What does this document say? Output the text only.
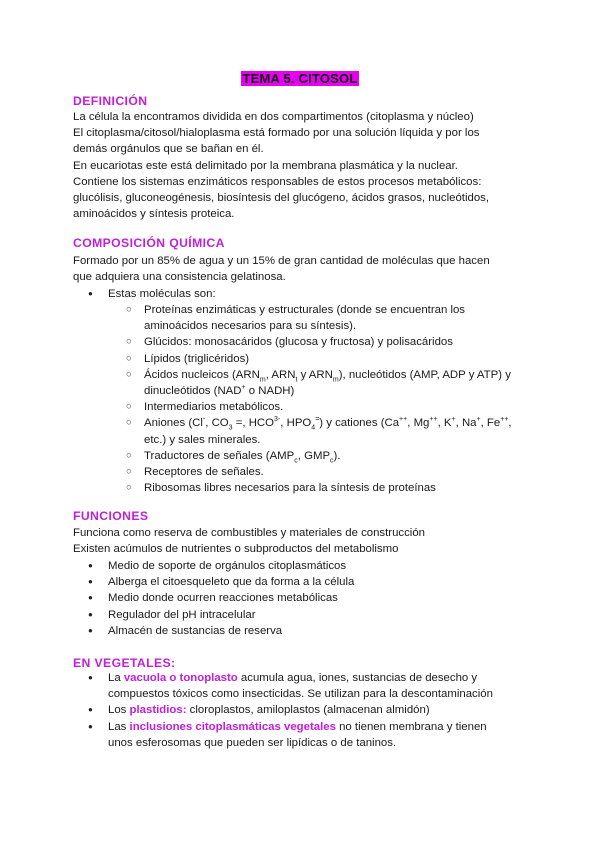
TEMA 5. CITOSOL
DEFINICIÓN
La célula la encontramos dividida en dos compartimentos (citoplasma y núcleo)
El citoplasma/citosol/hialoplasma está formado por una solución líquida y por los
demás orgánulos que se bañan en él.
En eucariotas este está delimitado por la membrana plasmática y la nuclear.
Contiene los sistemas enzimáticos responsables de estos procesos metabólicos:
glucólisis, gluconeogénesis, biosíntesis del glucógeno, ácidos grasos, nucleótidos,
aminoácidos y síntesis proteica.
COMPOSICIÓN QUÍMICA
Formado por un 85% de agua y un 15% de gran cantidad de moléculas que hacen
que adquiera una consistencia gelatinosa.
● Estas moléculas son:
○ Proteínas enzimáticas y estructurales (donde se encuentran los
aminoácidos necesarios para su síntesis).
○ Glúcidos: monosacáridos (glucosa y fructosa) y polisacáridos
○ Lípidos (triglicéridos)
○ Ácidos nucleicos ($ARN_m$, $ARN_t$ y $ARN_m$), nucleótidos (AMP, ADP y ATP) y
dinucleótidos (NAD+ o NADH)
○ Intermediarios metabólicos.
○ Aniones (Cl-, $CO_3$ =, $HCO^{3-}$, $HPO_4^=$) y cationes (Ca++, Mg++, K+, Na+, Fe++,
etc.) y sales minerales.
○ Traductores de señales ($AMP_c$, $GMP_c$).
○ Receptores de señales.
○ Ribosomas libres necesarios para la síntesis de proteínas
FUNCIONES
Funciona como reserva de combustibles y materiales de construcción
Existen acúmulos de nutrientes o subproductos del metabolismo
● Medio de soporte de orgánulos citoplasmáticos
● Alberga el citoesqueleto que da forma a la célula
● Medio donde ocurren reacciones metabólicas
● Regulador del pH intracelular
● Almacén de sustancias de reserva
EN VEGETALES:
● La vacuola o tonoplasto acumula agua, iones, sustancias de desecho y
compuestos tóxicos como insecticidas. Se utilizan para la descontaminación
● Los plastidios: cloroplastos, amiloplastos (almacenan almidón)
● Las inclusiones citoplasmáticas vegetales no tienen membrana y tienen
unos esferosomas que pueden ser lipídicas o de taninos.
